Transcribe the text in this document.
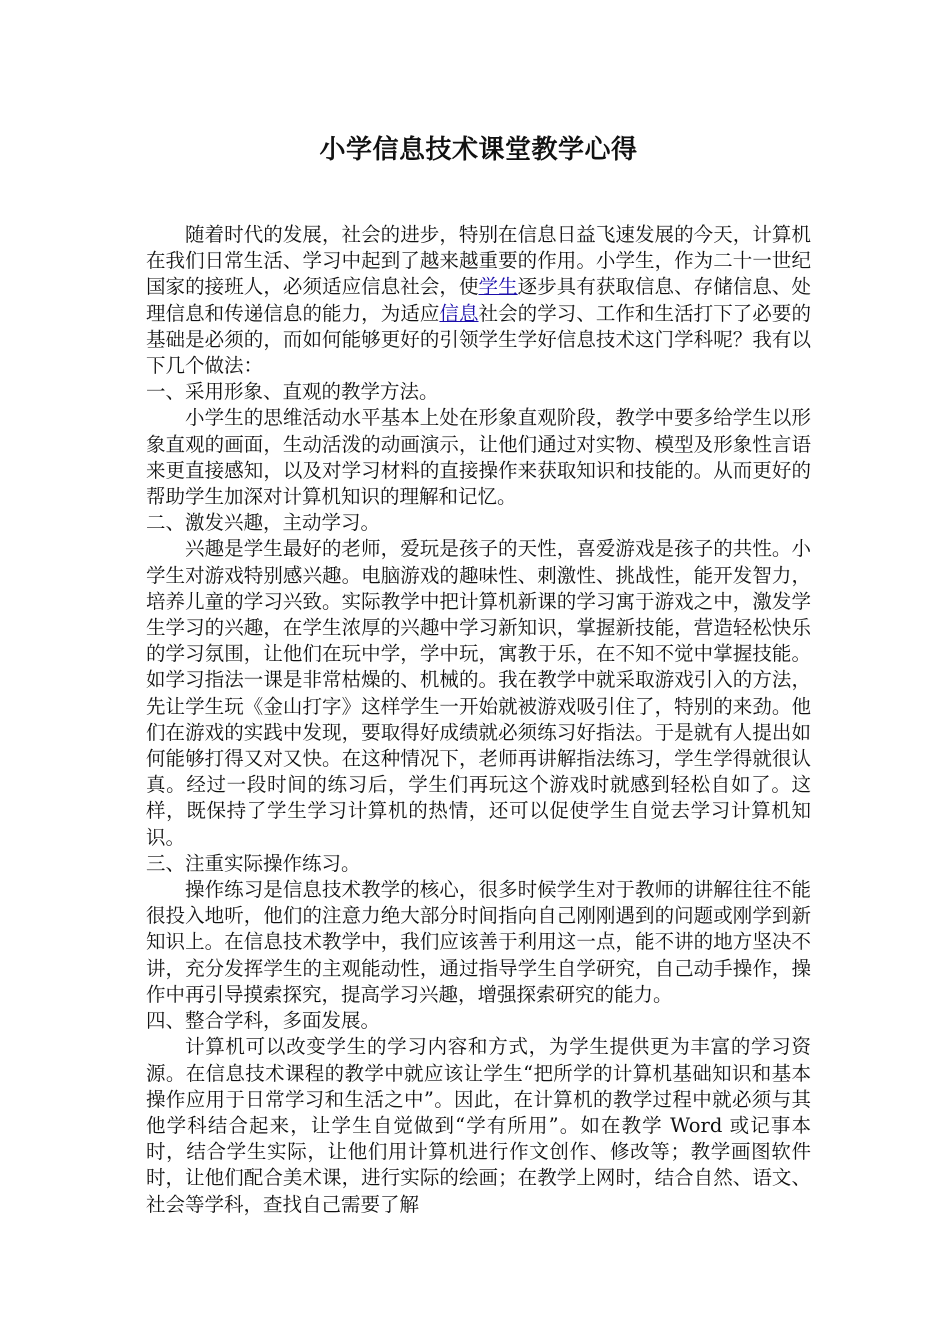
小学信息技术课堂教学心得

随着时代的发展，社会的进步，特别在信息日益飞速发展的今天，计算机在我们日常生活、学习中起到了越来越重要的作用。小学生，作为二十一世纪国家的接班人，必须适应信息社会，使学生逐步具有获取信息、存储信息、处理信息和传递信息的能力，为适应信息社会的学习、工作和生活打下了必要的基础是必须的，而如何能够更好的引领学生学好信息技术这门学科呢？我有以下几个做法：

一、采用形象、直观的教学方法。

小学生的思维活动水平基本上处在形象直观阶段，教学中要多给学生以形象直观的画面，生动活泼的动画演示，让他们通过对实物、模型及形象性言语来更直接感知，以及对学习材料的直接操作来获取知识和技能的。从而更好的帮助学生加深对计算机知识的理解和记忆。

二、激发兴趣，主动学习。

兴趣是学生最好的老师，爱玩是孩子的天性，喜爱游戏是孩子的共性。小学生对游戏特别感兴趣。电脑游戏的趣味性、刺激性、挑战性，能开发智力，培养儿童的学习兴致。实际教学中把计算机新课的学习寓于游戏之中，激发学生学习的兴趣，在学生浓厚的兴趣中学习新知识，掌握新技能，营造轻松快乐的学习氛围，让他们在玩中学，学中玩，寓教于乐，在不知不觉中掌握技能。如学习指法一课是非常枯燥的、机械的。我在教学中就采取游戏引入的方法，先让学生玩《金山打字》这样学生一开始就被游戏吸引住了，特别的来劲。他们在游戏的实践中发现，要取得好成绩就必须练习好指法。于是就有人提出如何能够打得又对又快。在这种情况下，老师再讲解指法练习，学生学得就很认真。经过一段时间的练习后，学生们再玩这个游戏时就感到轻松自如了。这样，既保持了学生学习计算机的热情，还可以促使学生自觉去学习计算机知识。

三、注重实际操作练习。

操作练习是信息技术教学的核心，很多时候学生对于教师的讲解往往不能很投入地听，他们的注意力绝大部分时间指向自己刚刚遇到的问题或刚学到新知识上。在信息技术教学中，我们应该善于利用这一点，能不讲的地方坚决不讲，充分发挥学生的主观能动性，通过指导学生自学研究，自己动手操作，操作中再引导摸索探究，提高学习兴趣，增强探索研究的能力。

四、整合学科，多面发展。

计算机可以改变学生的学习内容和方式，为学生提供更为丰富的学习资源。在信息技术课程的教学中就应该让学生“把所学的计算机基础知识和基本操作应用于日常学习和生活之中”。因此，在计算机的教学过程中就必须与其他学科结合起来，让学生自觉做到“学有所用”。如在教学 Word 或记事本时，结合学生实际，让他们用计算机进行作文创作、修改等；教学画图软件时，让他们配合美术课，进行实际的绘画；在教学上网时，结合自然、语文、社会等学科，查找自己需要了解
